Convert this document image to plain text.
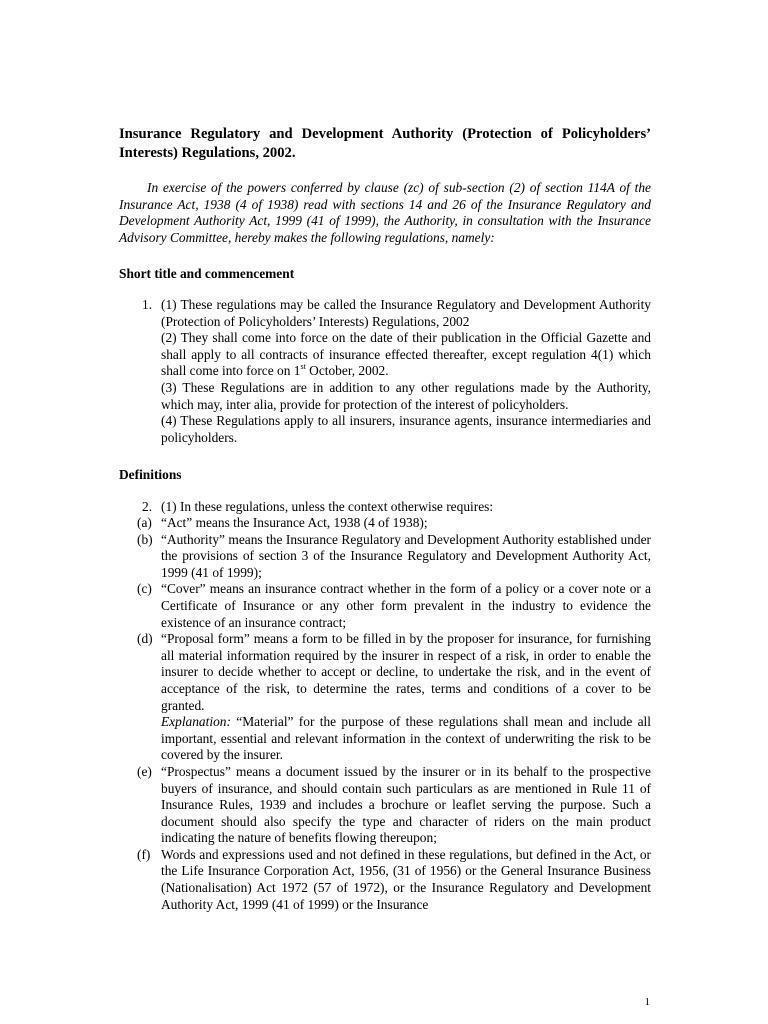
Insurance Regulatory and Development Authority (Protection of Policyholders’ Interests) Regulations, 2002.

In exercise of the powers conferred by clause (zc) of sub-section (2) of section 114A of the Insurance Act, 1938 (4 of 1938) read with sections 14 and 26 of the Insurance Regulatory and Development Authority Act, 1999 (41 of 1999), the Authority, in consultation with the Insurance Advisory Committee, hereby makes the following regulations, namely:

Short title and commencement
1. (1) These regulations may be called the Insurance Regulatory and Development Authority (Protection of Policyholders’ Interests) Regulations, 2002

(2) They shall come into force on the date of their publication in the Official Gazette and shall apply to all contracts of insurance effected thereafter, except regulation 4(1) which shall come into force on 1st October, 2002.

(3) These Regulations are in addition to any other regulations made by the Authority, which may, inter alia, provide for protection of the interest of policyholders.

(4) These Regulations apply to all insurers, insurance agents, insurance intermediaries and policyholders.

Definitions
2. (1) In these regulations, unless the context otherwise requires:

(a) “Act” means the Insurance Act, 1938 (4 of 1938);

(b) “Authority” means the Insurance Regulatory and Development Authority established under the provisions of section 3 of the Insurance Regulatory and Development Authority Act, 1999 (41 of 1999);

(c) “Cover” means an insurance contract whether in the form of a policy or a cover note or a Certificate of Insurance or any other form prevalent in the industry to evidence the existence of an insurance contract;

(d) “Proposal form” means a form to be filled in by the proposer for insurance, for furnishing all material information required by the insurer in respect of a risk, in order to enable the insurer to decide whether to accept or decline, to undertake the risk, and in the event of acceptance of the risk, to determine the rates, terms and conditions of a cover to be granted.

Explanation: “Material” for the purpose of these regulations shall mean and include all important, essential and relevant information in the context of underwriting the risk to be covered by the insurer.

(e) “Prospectus” means a document issued by the insurer or in its behalf to the prospective buyers of insurance, and should contain such particulars as are mentioned in Rule 11 of Insurance Rules, 1939 and includes a brochure or leaflet serving the purpose. Such a document should also specify the type and character of riders on the main product indicating the nature of benefits flowing thereupon;

(f) Words and expressions used and not defined in these regulations, but defined in the Act, or the Life Insurance Corporation Act, 1956, (31 of 1956) or the General Insurance Business (Nationalisation) Act 1972 (57 of 1972), or the Insurance Regulatory and Development Authority Act, 1999 (41 of 1999) or the Insurance

1
